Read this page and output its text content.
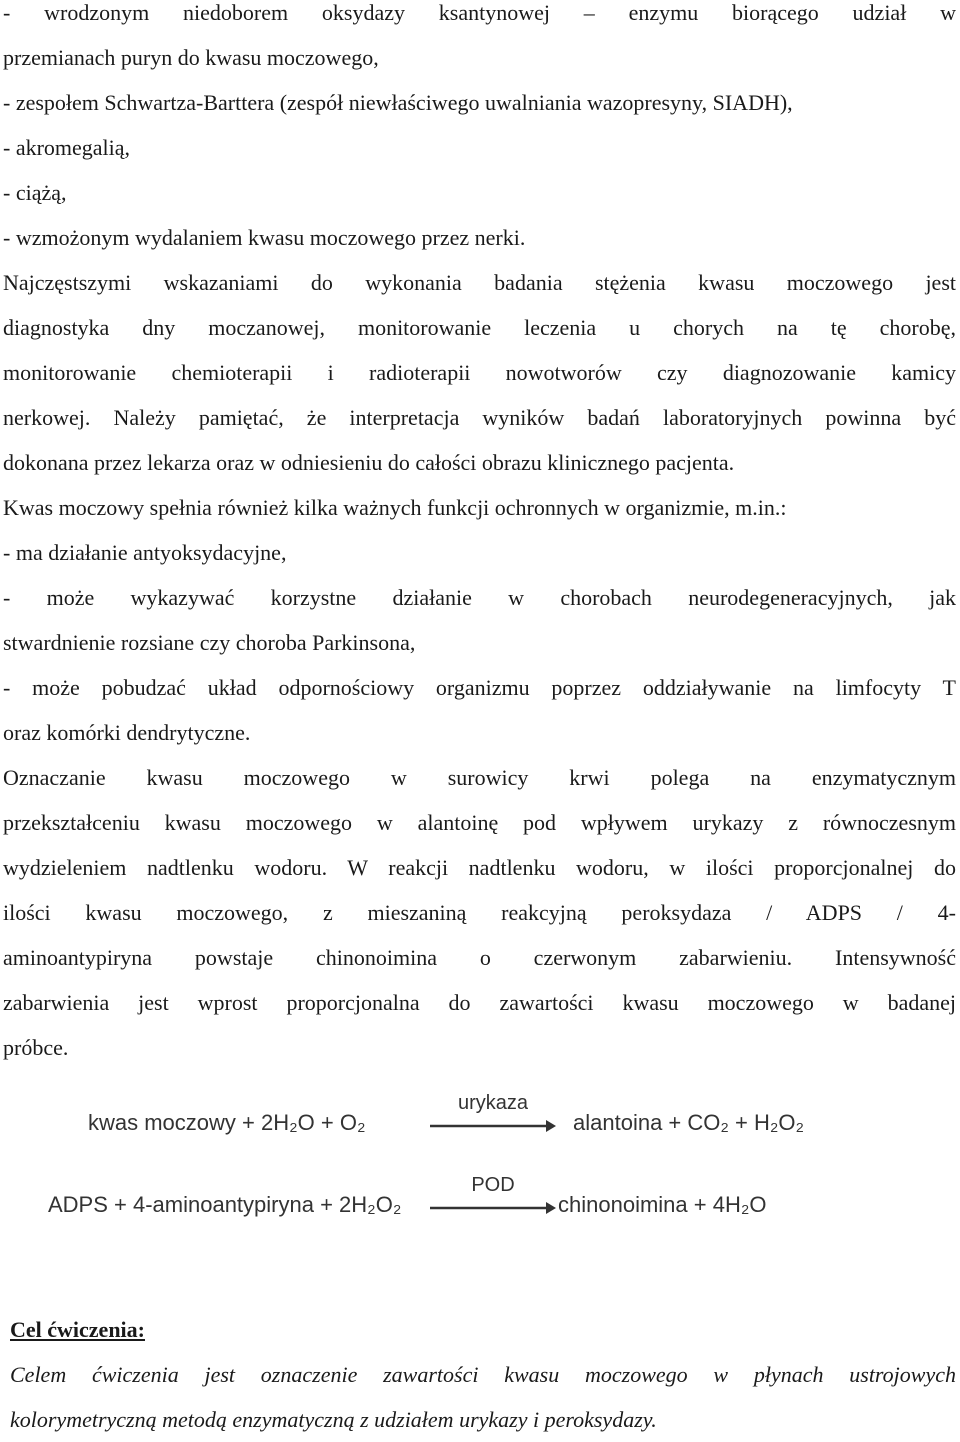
- wrodzonym niedoborem oksydazy ksantynowej – enzymu biorącego udział w
przemianach puryn do kwasu moczowego,
- zespołem Schwartza-Barttera (zespół niewłaściwego uwalniania wazopresyny, SIADH),
- akromegalią,
- ciążą,
- wzmożonym wydalaniem kwasu moczowego przez nerki.
Najczęstszymi wskazaniami do wykonania badania stężenia kwasu moczowego jest
diagnostyka dny moczanowej, monitorowanie leczenia u chorych na tę chorobę,
monitorowanie chemioterapii i radioterapii nowotworów czy diagnozowanie kamicy
nerkowej. Należy pamiętać, że interpretacja wyników badań laboratoryjnych powinna być
dokonana przez lekarza oraz w odniesieniu do całości obrazu klinicznego pacjenta.
Kwas moczowy spełnia również kilka ważnych funkcji ochronnych w organizmie, m.in.:
- ma działanie antyoksydacyjne,
- może wykazywać korzystne działanie w chorobach neurodegeneracyjnych, jak
stwardnienie rozsiane czy choroba Parkinsona,
- może pobudzać układ odpornościowy organizmu poprzez oddziaływanie na limfocyty T
oraz komórki dendrytyczne.
Oznaczanie kwasu moczowego w surowicy krwi polega na enzymatycznym
przekształceniu kwasu moczowego w alantoinę pod wpływem urykazy z równoczesnym
wydzieleniem nadtlenku wodoru. W reakcji nadtlenku wodoru, w ilości proporcjonalnej do
ilości kwasu moczowego, z mieszaniną reakcyjną peroksydaza / ADPS / 4-
aminoantypiryna powstaje chinonoimina o czerwonym zabarwieniu. Intensywność
zabarwienia jest wprost proporcjonalna do zawartości kwasu moczowego w badanej
próbce.
kwas moczowy + 2H₂O + O₂
urykaza
alantoina + CO₂ + H₂O₂
ADPS + 4-aminoantypiryna + 2H₂O₂
POD
chinonoimina + 4H₂O
Cel ćwiczenia:
Celem ćwiczenia jest oznaczenie zawartości kwasu moczowego w płynach ustrojowych
kolorymetryczną metodą enzymatyczną z udziałem urykazy i peroksydazy.
